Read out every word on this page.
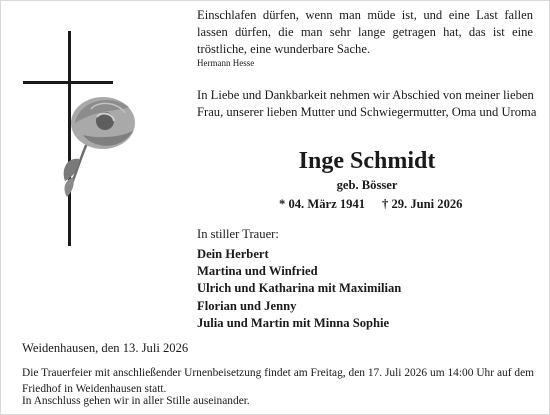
Einschlafen dürfen, wenn man müde ist, und eine Last fallen lassen dürfen, die man sehr lange getragen hat, das ist eine tröstliche, eine wunderbare Sache.
Hermann Hesse
In Liebe und Dankbarkeit nehmen wir Abschied von meiner lieben Frau, unserer lieben Mutter und Schwiegermutter, Oma und Uroma
Inge Schmidt
geb. Bösser
* 04. März 1941 † 29. Juni 2026
In stiller Trauer:
Dein Herbert
Martina und Winfried
Ulrich und Katharina mit Maximilian
Florian und Jenny
Julia und Martin mit Minna Sophie
Weidenhausen, den 13. Juli 2026
Die Trauerfeier mit anschließender Urnenbeisetzung findet am Freitag, den 17. Juli 2026 um 14:00 Uhr auf dem Friedhof in Weidenhausen statt.
In Anschluss gehen wir in aller Stille auseinander.
